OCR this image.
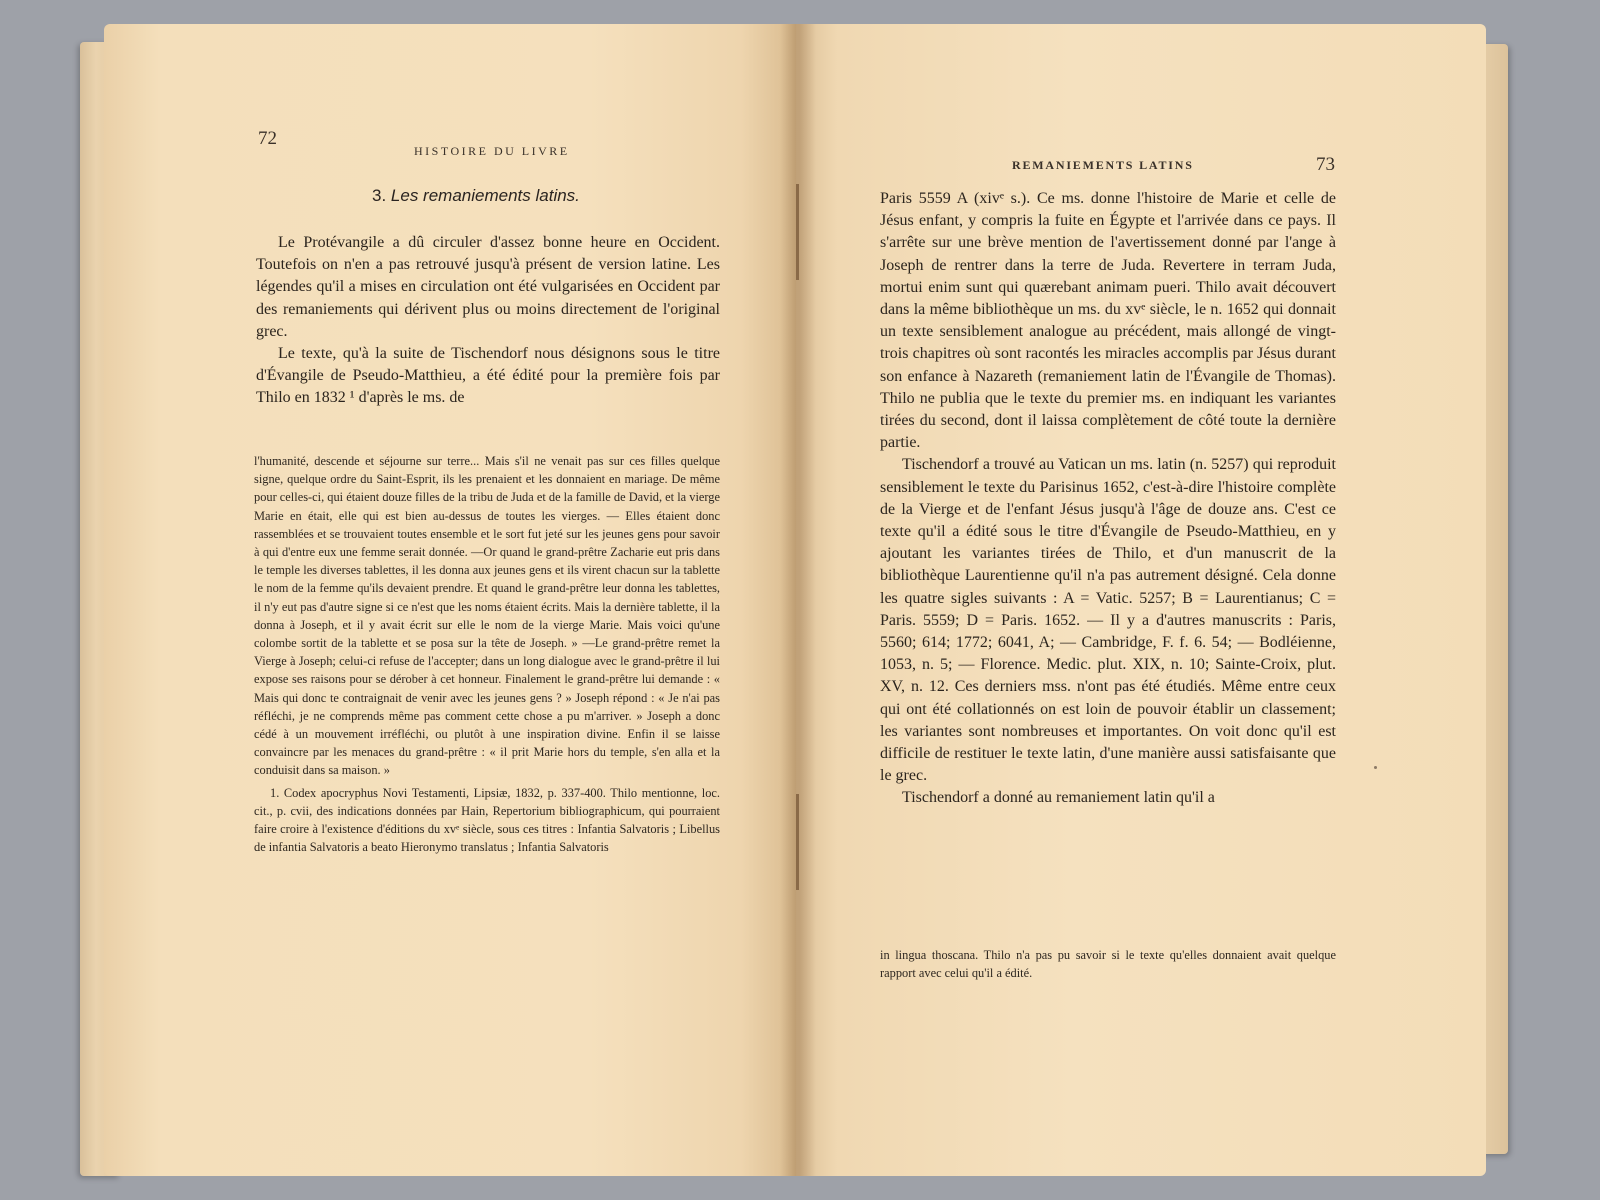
72
HISTOIRE DU LIVRE
3. Les remaniements latins.

Le Protévangile a dû circuler d'assez bonne heure en Occident. Toutefois on n'en a pas retrouvé jusqu'à présent de version latine. Les légendes qu'il a mises en circulation ont été vulgarisées en Occident par des remaniements qui dérivent plus ou moins directement de l'original grec.

Le texte, qu'à la suite de Tischendorf nous désignons sous le titre d'Évangile de Pseudo-Matthieu, a été édité pour la première fois par Thilo en 1832 ¹ d'après le ms. de

l'humanité, descende et séjourne sur terre... Mais s'il ne venait pas sur ces filles quelque signe, quelque ordre du Saint-Esprit, ils les prenaient et les donnaient en mariage. De même pour celles-ci, qui étaient douze filles de la tribu de Juda et de la famille de David, et la vierge Marie en était, elle qui est bien au-dessus de toutes les vierges. — Elles étaient donc rassemblées et se trouvaient toutes ensemble et le sort fut jeté sur les jeunes gens pour savoir à qui d'entre eux une femme serait donnée. —Or quand le grand-prêtre Zacharie eut pris dans le temple les diverses tablettes, il les donna aux jeunes gens et ils virent chacun sur la tablette le nom de la femme qu'ils devaient prendre. Et quand le grand-prêtre leur donna les tablettes, il n'y eut pas d'autre signe si ce n'est que les noms étaient écrits. Mais la dernière tablette, il la donna à Joseph, et il y avait écrit sur elle le nom de la vierge Marie. Mais voici qu'une colombe sortit de la tablette et se posa sur la tête de Joseph. » —Le grand-prêtre remet la Vierge à Joseph; celui-ci refuse de l'accepter; dans un long dialogue avec le grand-prêtre il lui expose ses raisons pour se dérober à cet honneur. Finalement le grand-prêtre lui demande : « Mais qui donc te contraignait de venir avec les jeunes gens ? » Joseph répond : « Je n'ai pas réfléchi, je ne comprends même pas comment cette chose a pu m'arriver. » Joseph a donc cédé à un mouvement irréfléchi, ou plutôt à une inspiration divine. Enfin il se laisse convaincre par les menaces du grand-prêtre : « il prit Marie hors du temple, s'en alla et la conduisit dans sa maison. »

1. Codex apocryphus Novi Testamenti, Lipsiæ, 1832, p. 337-400. Thilo mentionne, loc. cit., p. cvii, des indications données par Hain, Repertorium bibliographicum, qui pourraient faire croire à l'existence d'éditions du xvᵉ siècle, sous ces titres : Infantia Salvatoris ; Libellus de infantia Salvatoris a beato Hieronymo translatus ; Infantia Salvatoris

REMANIEMENTS LATINS	73

Paris 5559 A (xivᵉ s.). Ce ms. donne l'histoire de Marie et celle de Jésus enfant, y compris la fuite en Égypte et l'arrivée dans ce pays. Il s'arrête sur une brève mention de l'avertissement donné par l'ange à Joseph de rentrer dans la terre de Juda. Revertere in terram Juda, mortui enim sunt qui quærebant animam pueri. Thilo avait découvert dans la même bibliothèque un ms. du xvᵉ siècle, le n. 1652 qui donnait un texte sensiblement analogue au précédent, mais allongé de vingt-trois chapitres où sont racontés les miracles accomplis par Jésus durant son enfance à Nazareth (remaniement latin de l'Évangile de Thomas). Thilo ne publia que le texte du premier ms. en indiquant les variantes tirées du second, dont il laissa complètement de côté toute la dernière partie.

Tischendorf a trouvé au Vatican un ms. latin (n. 5257) qui reproduit sensiblement le texte du Parisinus 1652, c'est-à-dire l'histoire complète de la Vierge et de l'enfant Jésus jusqu'à l'âge de douze ans. C'est ce texte qu'il a édité sous le titre d'Évangile de Pseudo-Matthieu, en y ajoutant les variantes tirées de Thilo, et d'un manuscrit de la bibliothèque Laurentienne qu'il n'a pas autrement désigné. Cela donne les quatre sigles suivants : A = Vatic. 5257; B = Laurentianus; C = Paris. 5559; D = Paris. 1652. — Il y a d'autres manuscrits : Paris, 5560; 614; 1772; 6041, A; — Cambridge, F. f. 6. 54; — Bodléienne, 1053, n. 5; — Florence. Medic. plut. XIX, n. 10; Sainte-Croix, plut. XV, n. 12. Ces derniers mss. n'ont pas été étudiés. Même entre ceux qui ont été collationnés on est loin de pouvoir établir un classement; les variantes sont nombreuses et importantes. On voit donc qu'il est difficile de restituer le texte latin, d'une manière aussi satisfaisante que le grec.

Tischendorf a donné au remaniement latin qu'il a

in lingua thoscana. Thilo n'a pas pu savoir si le texte qu'elles donnaient avait quelque rapport avec celui qu'il a édité.
